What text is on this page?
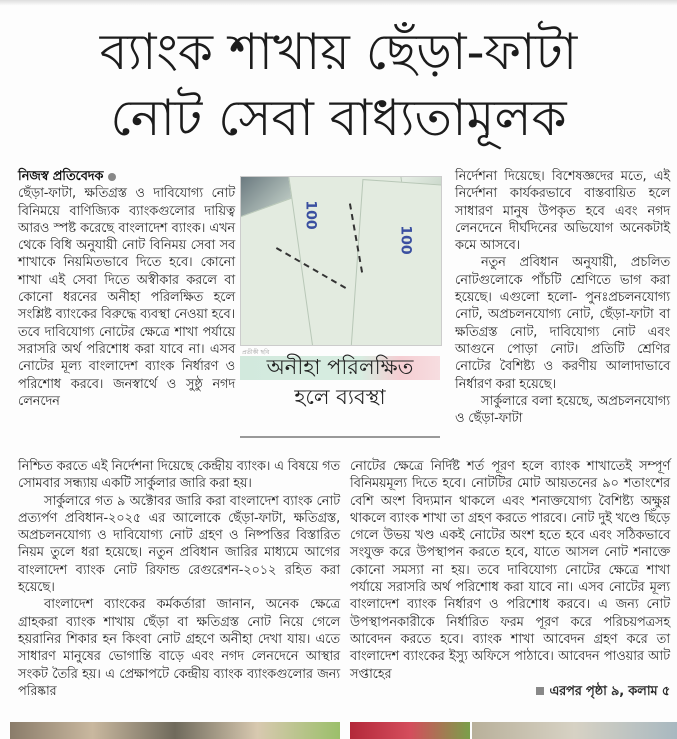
ব্যাংক শাখায় ছেঁড়া-ফাটা
নোট সেবা বাধ্যতামূলক

নিজস্ব প্রতিবেদক

ছেঁড়া-ফাটা, ক্ষতিগ্রস্ত ও দাবিযোগ্য নোট বিনিময়ে বাণিজ্যিক ব্যাংকগুলোর দায়িত্ব আরও স্পষ্ট করেছে বাংলাদেশ ব্যাংক। এখন থেকে বিধি অনুযায়ী নোট বিনিময় সেবা সব শাখাকে নিয়মিতভাবে দিতে হবে। কোনো শাখা এই সেবা দিতে অস্বীকার করলে বা কোনো ধরনের অনীহা পরিলক্ষিত হলে সংশ্লিষ্ট ব্যাংকের বিরুদ্ধে ব্যবস্থা নেওয়া হবে। তবে দাবিযোগ্য নোটের ক্ষেত্রে শাখা পর্যায়ে সরাসরি অর্থ পরিশোধ করা যাবে না। এসব নোটের মূল্য বাংলাদেশ ব্যাংক নির্ধারণ ও পরিশোধ করবে। জনস্বার্থে ও সুষ্ঠু নগদ লেনদেন

নিশ্চিত করতে এই নির্দেশনা দিয়েছে কেন্দ্রীয় ব্যাংক। এ বিষয়ে গত সোমবার সন্ধ্যায় একটি সার্কুলার জারি করা হয়।

সার্কুলারে গত ৯ অক্টোবর জারি করা বাংলাদেশ ব্যাংক নোট প্রত্যর্পণ প্রবিধান-২০২৫ এর আলোকে ছেঁড়া-ফাটা, ক্ষতিগ্রস্ত, অপ্রচলনযোগ্য ও দাবিযোগ্য নোট গ্রহণ ও নিষ্পত্তির বিস্তারিত নিয়ম তুলে ধরা হয়েছে। নতুন প্রবিধান জারির মাধ্যমে আগের বাংলাদেশ ব্যাংক নোট রিফান্ড রেগুরেশন-২০১২ রহিত করা হয়েছে।

বাংলাদেশ ব্যাংকের কর্মকর্তারা জানান, অনেক ক্ষেত্রে গ্রাহকরা ব্যাংক শাখায় ছেঁড়া বা ক্ষতিগ্রস্ত নোট নিয়ে গেলে হয়রানির শিকার হন কিংবা নোট গ্রহণে অনীহা দেখা যায়। এতে সাধারণ মানুষের ভোগান্তি বাড়ে এবং নগদ লেনদেনে আস্থার সংকট তৈরি হয়। এ প্রেক্ষাপটে কেন্দ্রীয় ব্যাংক ব্যাংকগুলোর জন্য পরিষ্কার

100
100
প্রতীকী ছবি
অনীহা পরিলক্ষিত
হলে ব্যবস্থা

নির্দেশনা দিয়েছে। বিশেষজ্ঞদের মতে, এই নির্দেশনা কার্যকরভাবে বাস্তবায়িত হলে সাধারণ মানুষ উপকৃত হবে এবং নগদ লেনদেনে দীর্ঘদিনের অভিযোগ অনেকটাই কমে আসবে।

নতুন প্রবিধান অনুযায়ী, প্রচলিত নোটগুলোকে পাঁচটি শ্রেণিতে ভাগ করা হয়েছে। এগুলো হলো- পুনঃপ্রচলনযোগ্য নোট, অপ্রচলনযোগ্য নোট, ছেঁড়া-ফাটা বা ক্ষতিগ্রস্ত নোট, দাবিযোগ্য নোট এবং আগুনে পোড়া নোট। প্রতিটি শ্রেণির নোটের বৈশিষ্ট্য ও করণীয় আলাদাভাবে নির্ধারণ করা হয়েছে।

সার্কুলারে বলা হয়েছে, অপ্রচলনযোগ্য ও ছেঁড়া-ফাটা

নোটের ক্ষেত্রে নির্দিষ্ট শর্ত পূরণ হলে ব্যাংক শাখাতেই সম্পূর্ণ বিনিময়মূল্য দিতে হবে। নোটটির মোট আয়তনের ৯০ শতাংশের বেশি অংশ বিদ্যমান থাকলে এবং শনাক্তযোগ্য বৈশিষ্ট্য অক্ষুণ্ণ থাকলে ব্যাংক শাখা তা গ্রহণ করতে পারবে। নোট দুই খণ্ডে ছিঁড়ে গেলে উভয় খণ্ড একই নোটের অংশ হতে হবে এবং সঠিকভাবে সংযুক্ত করে উপস্থাপন করতে হবে, যাতে আসল নোট শনাক্তে কোনো সমস্যা না হয়। তবে দাবিযোগ্য নোটের ক্ষেত্রে শাখা পর্যায়ে সরাসরি অর্থ পরিশোধ করা যাবে না। এসব নোটের মূল্য বাংলাদেশ ব্যাংক নির্ধারণ ও পরিশোধ করবে। এ জন্য নোট উপস্থাপনকারীকে নির্ধারিত ফরম পূরণ করে পরিচয়পত্রসহ আবেদন করতে হবে। ব্যাংক শাখা আবেদন গ্রহণ করে তা বাংলাদেশ ব্যাংকের ইস্যু অফিসে পাঠাবে। আবেদন পাওয়ার আট সপ্তাহের

এরপর পৃষ্ঠা ৯, কলাম ৫
